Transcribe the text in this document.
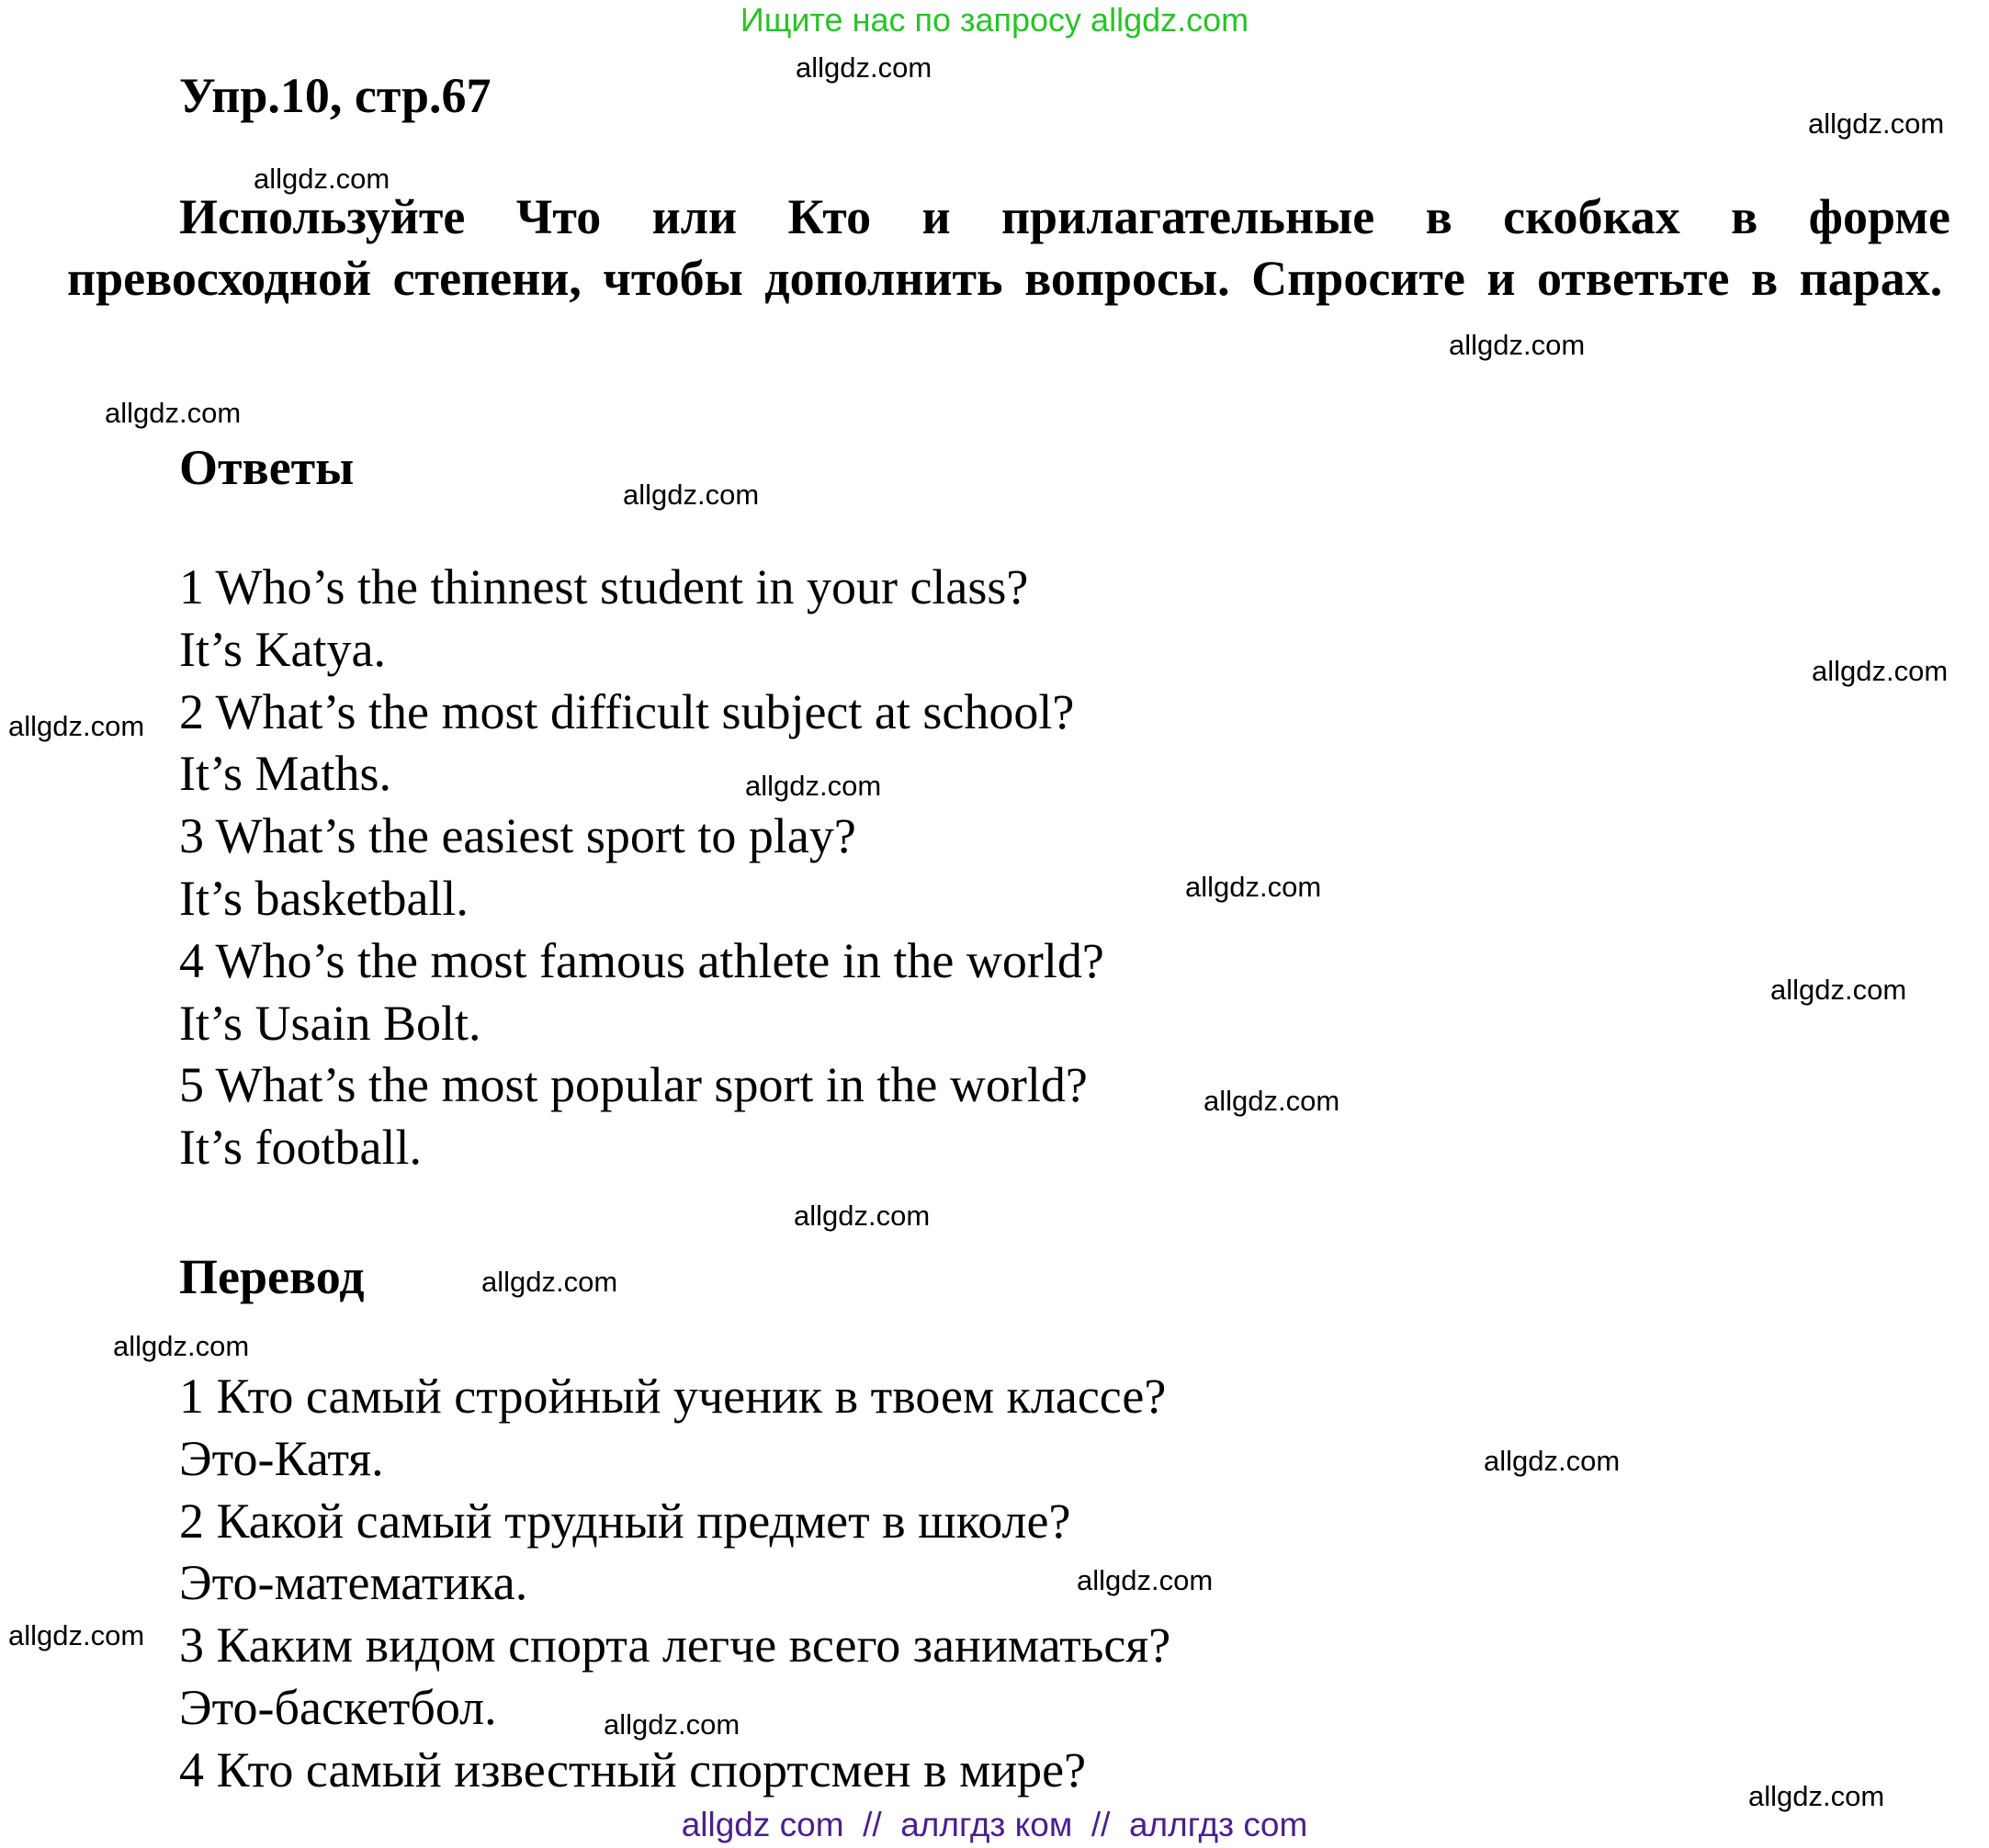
Ищите нас по запросу allgdz.com
Упр.10, стр.67
Используйте Что или Кто и прилагательные в скобках в форме превосходной степени, чтобы дополнить вопросы. Спросите и ответьте в парах.
Ответы
1 Who’s the thinnest student in your class?
It’s Katya.
2 What’s the most difficult subject at school?
It’s Maths.
3 What’s the easiest sport to play?
It’s basketball.
4 Who’s the most famous athlete in the world?
It’s Usain Bolt.
5 What’s the most popular sport in the world?
It’s football.
Перевод
1 Кто самый стройный ученик в твоем классе?
Это-Катя.
2 Какой самый трудный предмет в школе?
Это-математика.
3 Каким видом спорта легче всего заниматься?
Это-баскетбол.
4 Кто самый известный спортсмен в мире?
allgdz.com
allgdz.com
allgdz.com
allgdz.com
allgdz.com
allgdz.com
allgdz.com
allgdz.com
allgdz.com
allgdz.com
allgdz.com
allgdz.com
allgdz.com
allgdz.com
allgdz.com
allgdz.com
allgdz.com
allgdz.com
allgdz.com
allgdz.com
allgdz com  //  аллгдз ком  //  аллгдз com
